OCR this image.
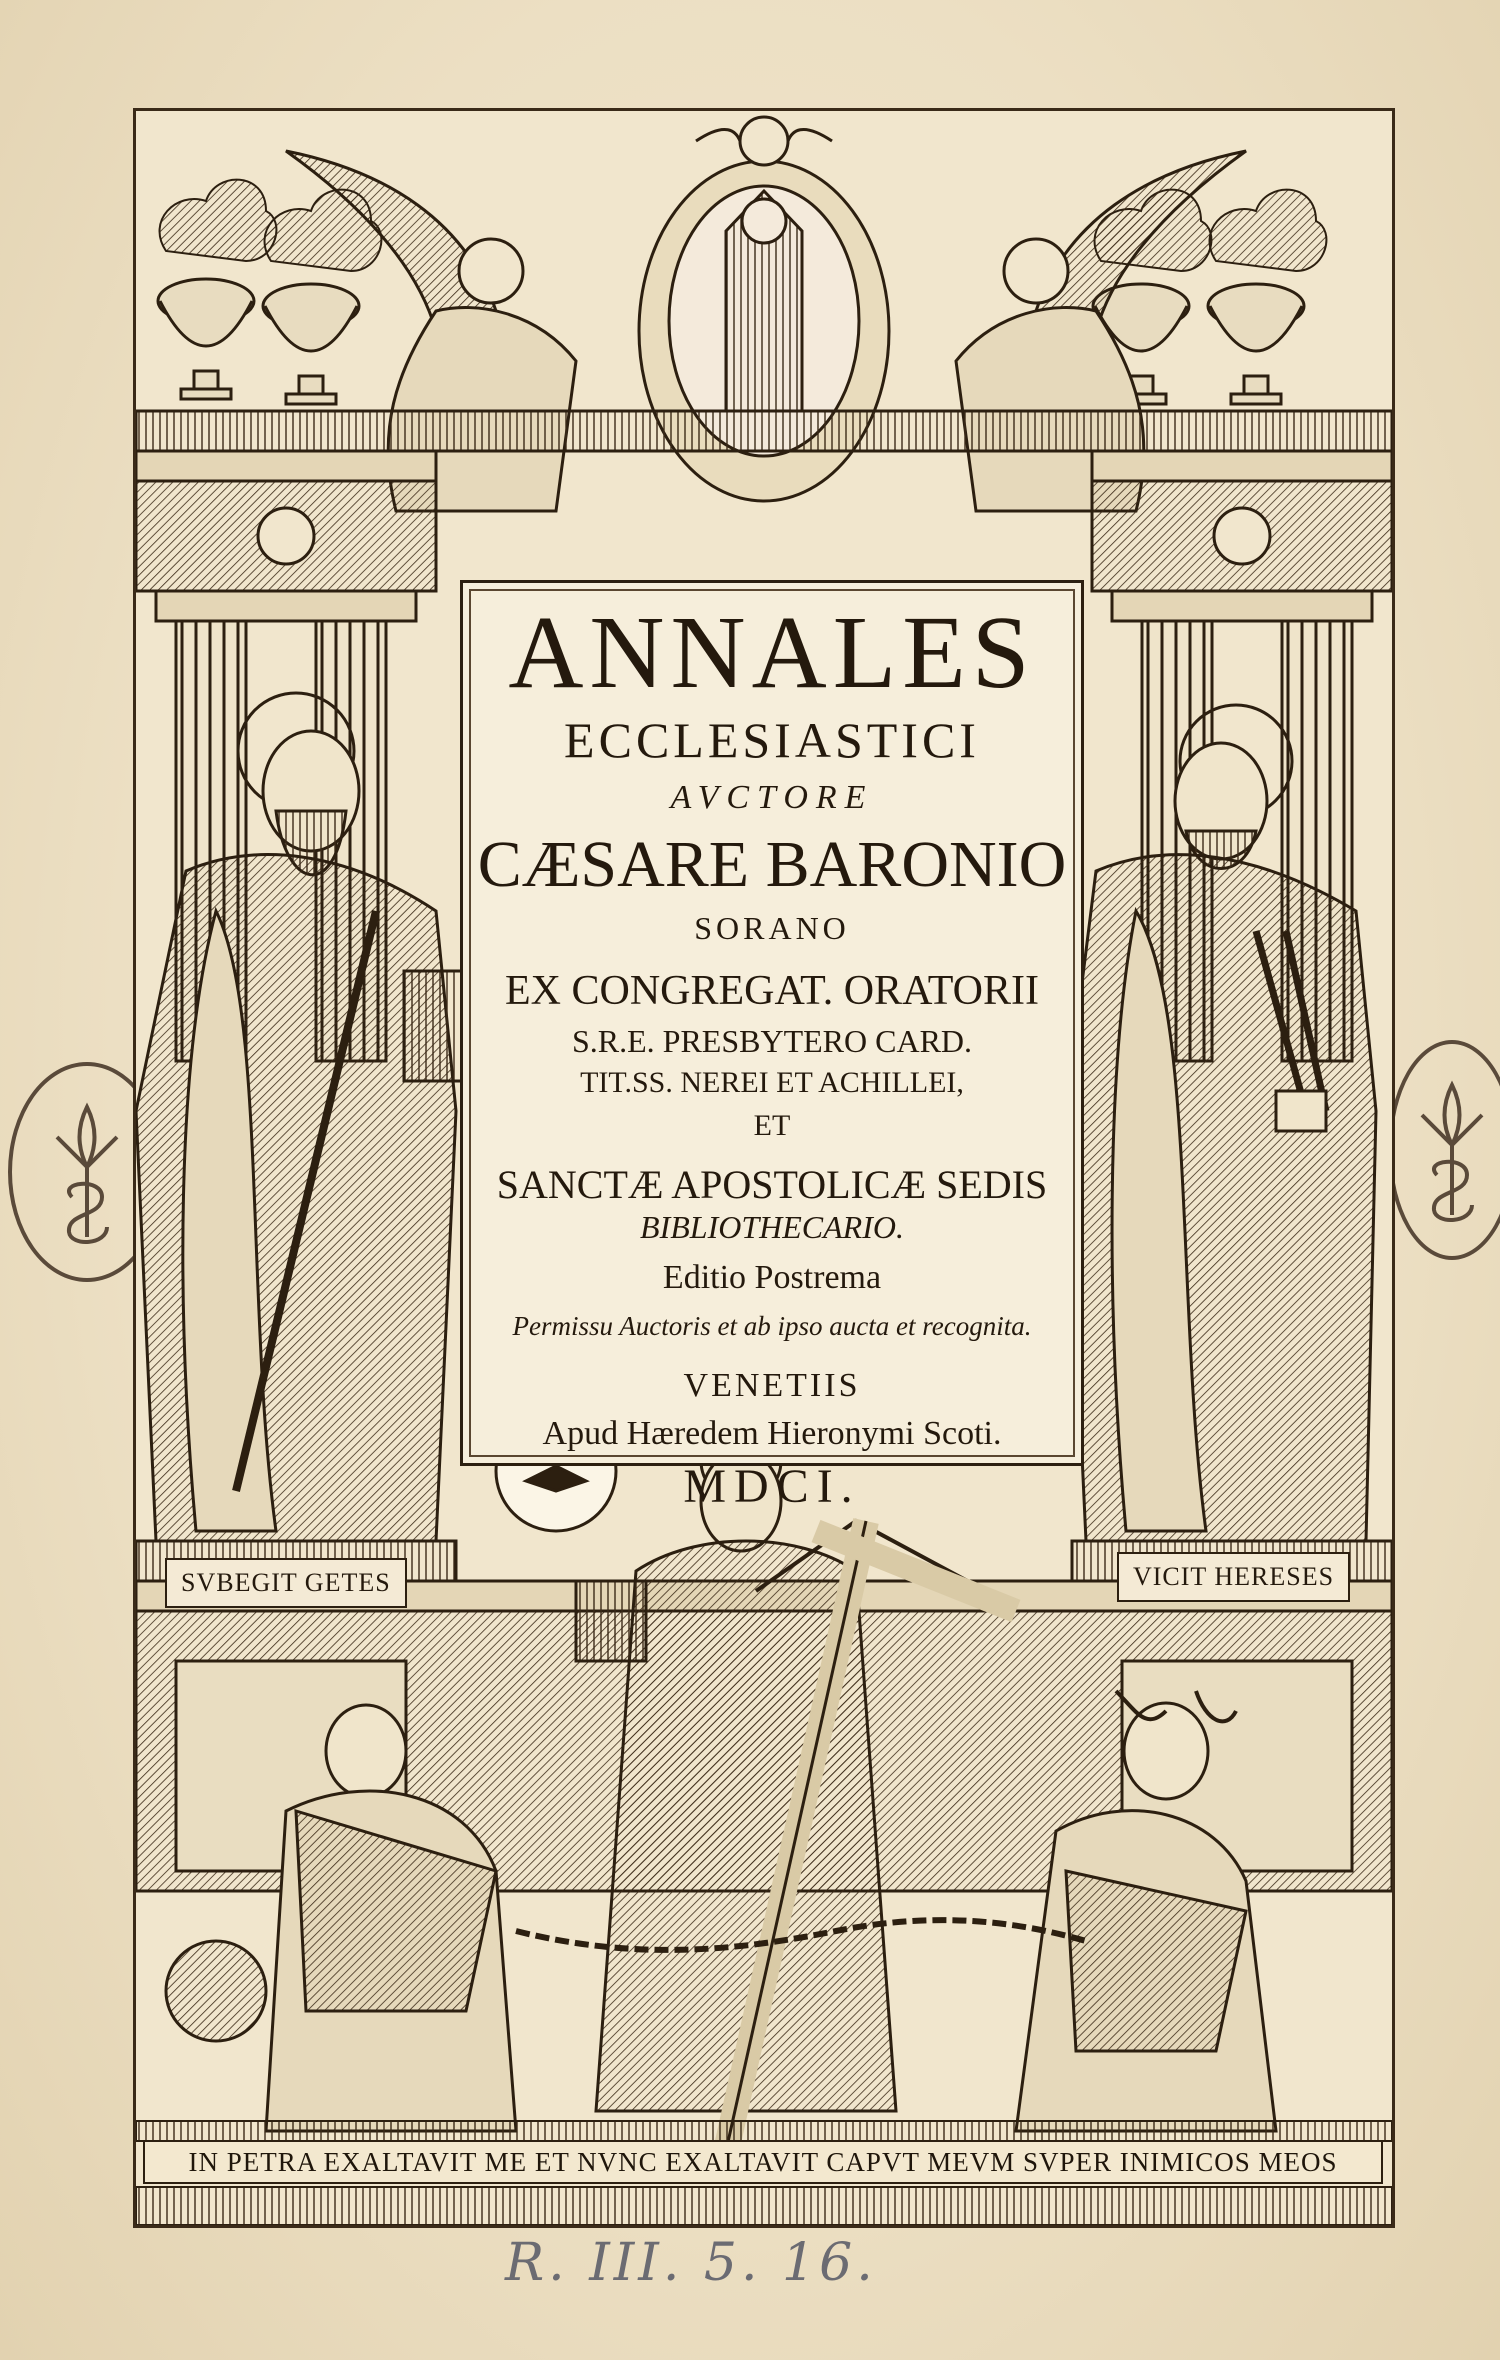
ANNALES
ECCLESIASTICI
AVCTORE
CÆSARE BARONIO
SORANO
EX CONGREGAT. ORATORII
S.R.E. PRESBYTERO CARD.
TIT.SS. NEREI ET ACHILLEI,
ET
SANCTÆ APOSTOLICÆ SEDIS
BIBLIOTHECARIO.
Editio Postrema
Permissu Auctoris et ab ipso aucta et recognita.
VENETIIS
Apud Hæredem Hieronymi Scoti.
MDCI.
SVBEGIT GETES	VICIT HERESES
IN PETRA EXALTAVIT ME ET NVNC EXALTAVIT CAPVT MEVM SVPER INIMICOS MEOS
R. III. 5. 16.
